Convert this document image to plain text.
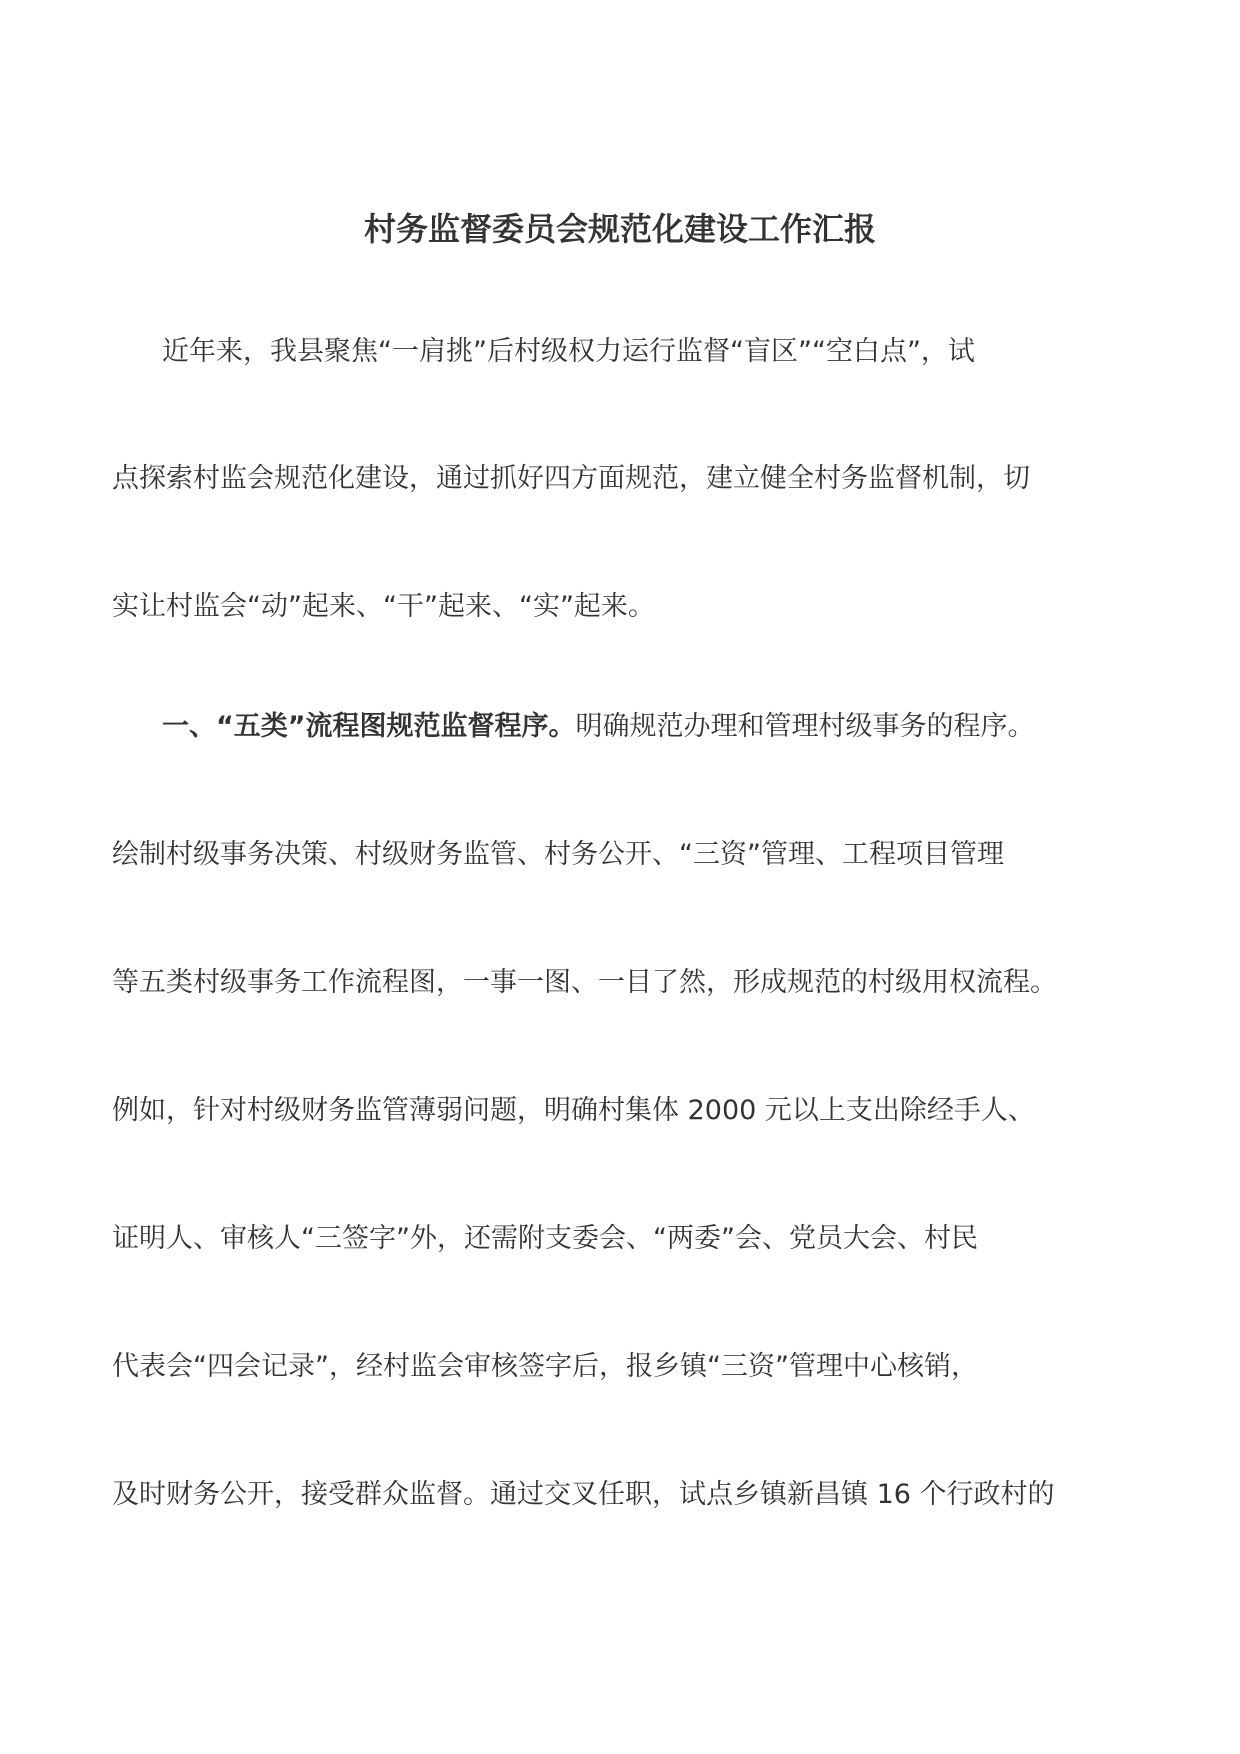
村务监督委员会规范化建设工作汇报
近年来，我县聚焦“一肩挑”后村级权力运行监督“盲区”“空白点”，试
点探索村监会规范化建设，通过抓好四方面规范，建立健全村务监督机制，切
实让村监会“动”起来、“干”起来、“实”起来。
一、“五类”流程图规范监督程序。明确规范办理和管理村级事务的程序。
绘制村级事务决策、村级财务监管、村务公开、“三资”管理、工程项目管理
等五类村级事务工作流程图，一事一图、一目了然，形成规范的村级用权流程。
例如，针对村级财务监管薄弱问题，明确村集体 2000 元以上支出除经手人、
证明人、审核人“三签字”外，还需附支委会、“两委”会、党员大会、村民
代表会“四会记录”，经村监会审核签字后，报乡镇“三资”管理中心核销，
及时财务公开，接受群众监督。通过交叉任职，试点乡镇新昌镇 16 个行政村的
